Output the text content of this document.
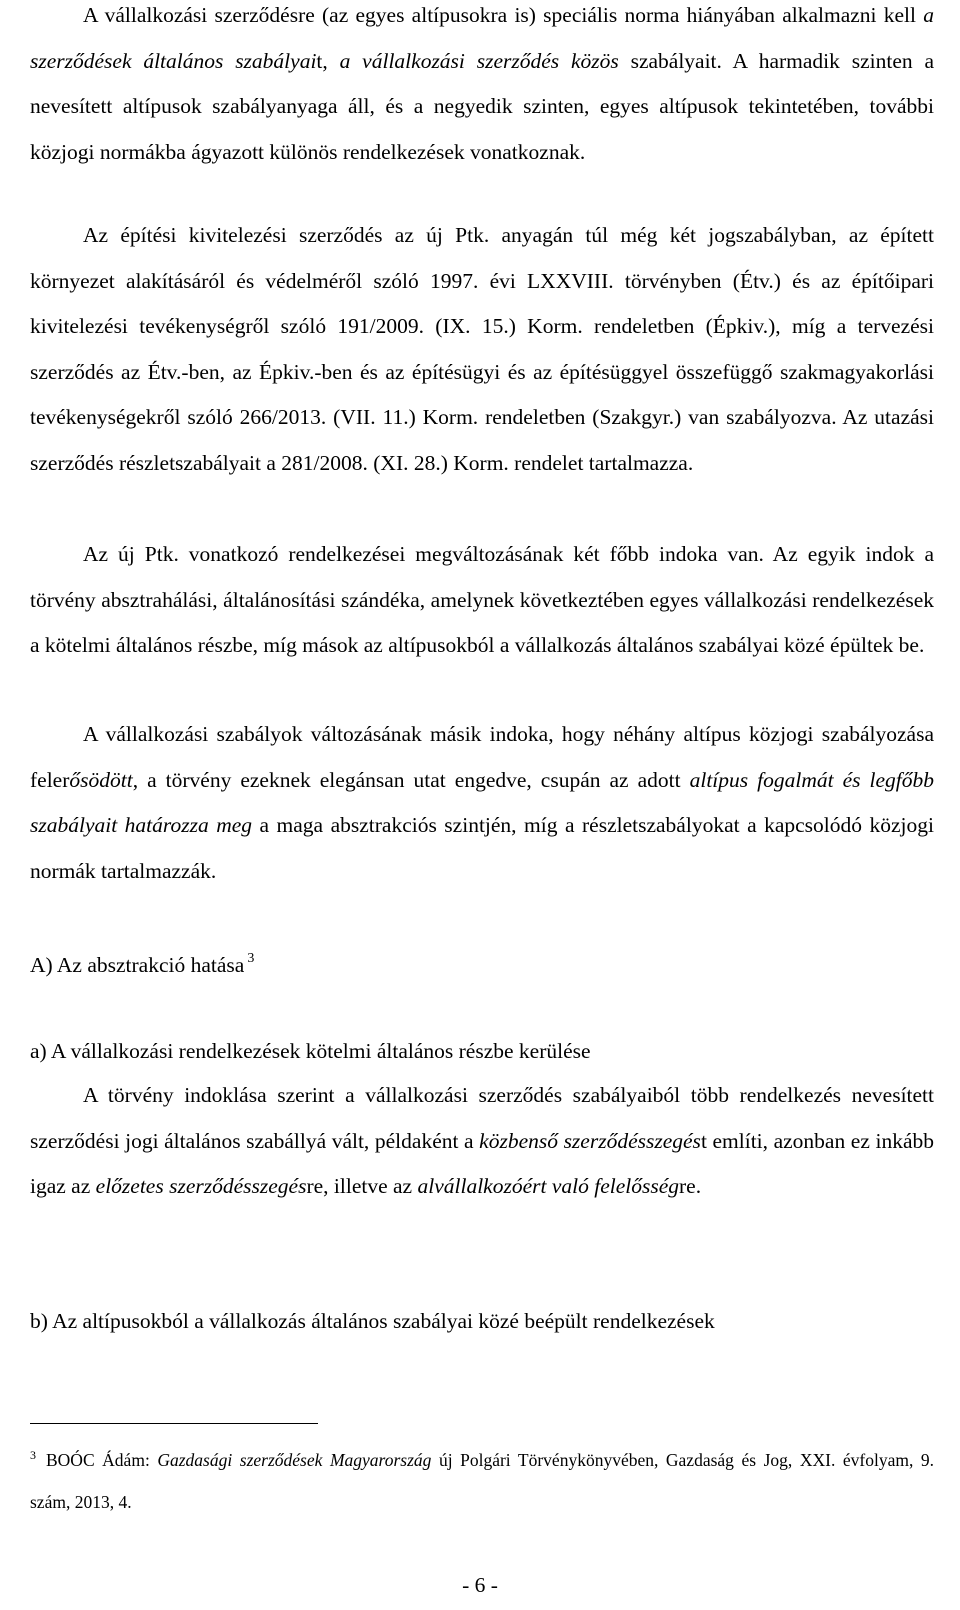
A vállalkozási szerződésre (az egyes altípusokra is) speciális norma hiányában alkalmazni kell a szerződések általános szabályait, a vállalkozási szerződés közös szabályait. A harmadik szinten a nevesített altípusok szabályanyaga áll, és a negyedik szinten, egyes altípusok tekintetében, további közjogi normákba ágyazott különös rendelkezések vonatkoznak.

Az építési kivitelezési szerződés az új Ptk. anyagán túl még két jogszabályban, az épített környezet alakításáról és védelméről szóló 1997. évi LXXVIII. törvényben (Étv.) és az építőipari kivitelezési tevékenységről szóló 191/2009. (IX. 15.) Korm. rendeletben (Épkiv.), míg a tervezési szerződés az Étv.-ben, az Épkiv.-ben és az építésügyi és az építésüggyel összefüggő szakmagyakorlási tevékenységekről szóló 266/2013. (VII. 11.) Korm. rendeletben (Szakgyr.) van szabályozva. Az utazási szerződés részletszabályait a 281/2008. (XI. 28.) Korm. rendelet tartalmazza.

Az új Ptk. vonatkozó rendelkezései megváltozásának két főbb indoka van. Az egyik indok a törvény absztrahálási, általánosítási szándéka, amelynek következtében egyes vállalkozási rendelkezések a kötelmi általános részbe, míg mások az altípusokból a vállalkozás általános szabályai közé épültek be.

A vállalkozási szabályok változásának másik indoka, hogy néhány altípus közjogi szabályozása felerősödött, a törvény ezeknek elegánsan utat engedve, csupán az adott altípus fogalmát és legfőbb szabályait határozza meg a maga absztrakciós szintjén, míg a részletszabályokat a kapcsolódó közjogi normák tartalmazzák.

A) Az absztrakció hatása $^3$

a) A vállalkozási rendelkezések kötelmi általános részbe kerülése

A törvény indoklása szerint a vállalkozási szerződés szabályaiból több rendelkezés nevesített szerződési jogi általános szabállyá vált, példaként a közbenső szerződésszegést említi, azonban ez inkább igaz az előzetes szerződésszegésre, illetve az alvállalkozóért való felelősségre.

b) Az altípusokból a vállalkozás általános szabályai közé beépült rendelkezések

$^3$ BOÓC Ádám: Gazdasági szerződések Magyarország új Polgári Törvénykönyvében, Gazdaság és Jog, XXI. évfolyam, 9. szám, 2013, 4.

- 6 -
